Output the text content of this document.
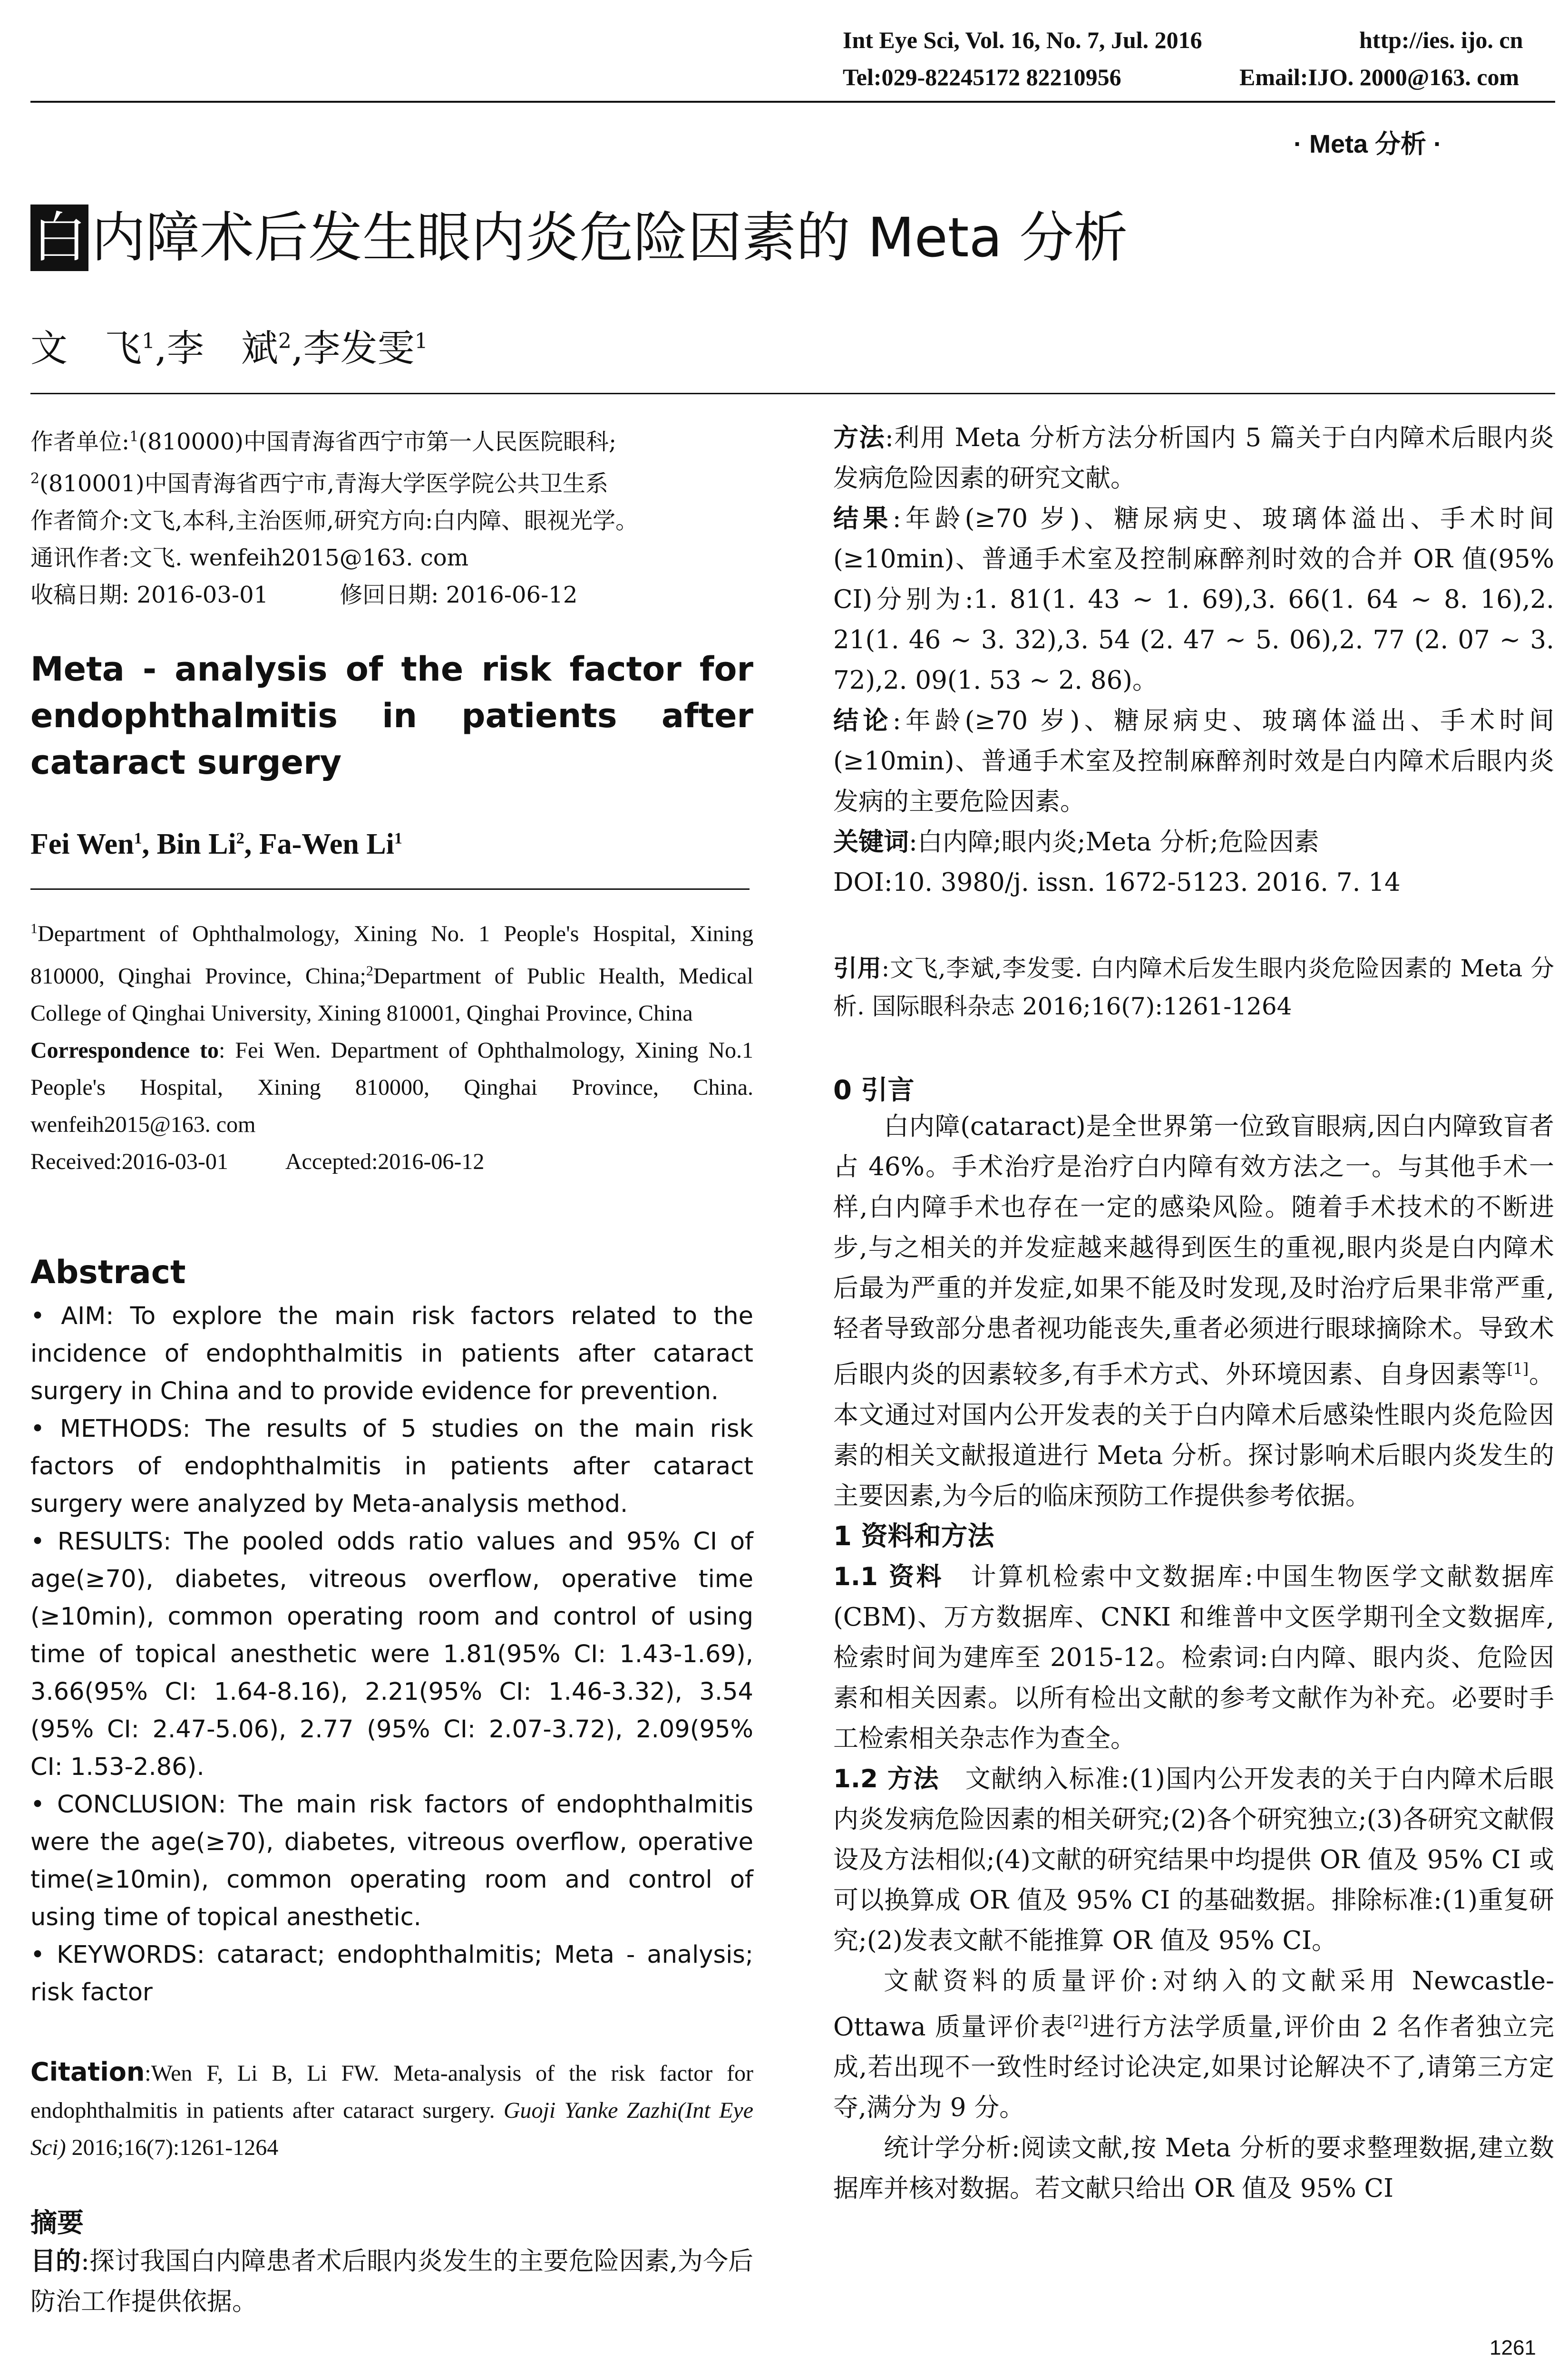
Int Eye Sci, Vol. 16, No. 7, Jul. 2016	http://ies. ijo. cn
Tel:029-82245172 82210956	Email:IJO. 2000@163. com
· Meta 分析 ·
白内障术后发生眼内炎危险因素的 Meta 分析
文　飞$^1$,李　斌$^2$,李发雯$^1$

作者单位:$^1$(810000)中国青海省西宁市第一人民医院眼科;

$^2$(810001)中国青海省西宁市,青海大学医学院公共卫生系

作者简介:文飞,本科,主治医师,研究方向:白内障、眼视光学。

通讯作者:文飞. wenfeih2015@163. com

收稿日期: 2016-03-01	修回日期: 2016-06-12

Meta - analysis of the risk factor for endophthalmitis in patients after cataract surgery
Fei Wen$^1$, Bin Li$^2$, Fa-Wen Li$^1$

$^1$Department of Ophthalmology, Xining No. 1 People's Hospital, Xining 810000, Qinghai Province, China;$^2$Department of Public Health, Medical College of Qinghai University, Xining 810001, Qinghai Province, China

Correspondence to: Fei Wen. Department of Ophthalmology, Xining No.1 People's Hospital, Xining 810000, Qinghai Province, China. wenfeih2015@163. com

Received:2016-03-01	Accepted:2016-06-12

Abstract

• AIM: To explore the main risk factors related to the incidence of endophthalmitis in patients after cataract surgery in China and to provide evidence for prevention.

• METHODS: The results of 5 studies on the main risk factors of endophthalmitis in patients after cataract surgery were analyzed by Meta-analysis method.

• RESULTS: The pooled odds ratio values and 95% CI of age(≥70), diabetes, vitreous overflow, operative time (≥10min), common operating room and control of using time of topical anesthetic were 1.81(95% CI: 1.43-1.69), 3.66(95% CI: 1.64-8.16), 2.21(95% CI: 1.46-3.32), 3.54 (95% CI: 2.47-5.06), 2.77 (95% CI: 2.07-3.72), 2.09(95% CI: 1.53-2.86).

• CONCLUSION: The main risk factors of endophthalmitis were the age(≥70), diabetes, vitreous overflow, operative time(≥10min), common operating room and control of using time of topical anesthetic.

• KEYWORDS: cataract; endophthalmitis; Meta - analysis; risk factor

Citation:Wen F, Li B, Li FW. Meta-analysis of the risk factor for endophthalmitis in patients after cataract surgery. Guoji Yanke Zazhi(Int Eye Sci) 2016;16(7):1261-1264
摘要

目的:探讨我国白内障患者术后眼内炎发生的主要危险因素,为今后防治工作提供依据。

方法:利用 Meta 分析方法分析国内 5 篇关于白内障术后眼内炎发病危险因素的研究文献。

结果:年龄(≥70 岁)、糖尿病史、玻璃体溢出、手术时间(≥10min)、普通手术室及控制麻醉剂时效的合并 OR 值(95% CI)分别为:1. 81(1. 43 ~ 1. 69),3. 66(1. 64 ~ 8. 16),2. 21(1. 46 ~ 3. 32),3. 54 (2. 47 ~ 5. 06),2. 77 (2. 07 ~ 3. 72),2. 09(1. 53 ~ 2. 86)。

结论:年龄(≥70 岁)、糖尿病史、玻璃体溢出、手术时间(≥10min)、普通手术室及控制麻醉剂时效是白内障术后眼内炎发病的主要危险因素。

关键词:白内障;眼内炎;Meta 分析;危险因素

DOI:10. 3980/j. issn. 1672-5123. 2016. 7. 14

引用:文飞,李斌,李发雯. 白内障术后发生眼内炎危险因素的 Meta 分析. 国际眼科杂志 2016;16(7):1261-1264

0 引言

白内障(cataract)是全世界第一位致盲眼病,因白内障致盲者占 46%。手术治疗是治疗白内障有效方法之一。与其他手术一样,白内障手术也存在一定的感染风险。随着手术技术的不断进步,与之相关的并发症越来越得到医生的重视,眼内炎是白内障术后最为严重的并发症,如果不能及时发现,及时治疗后果非常严重,轻者导致部分患者视功能丧失,重者必须进行眼球摘除术。导致术后眼内炎的因素较多,有手术方式、外环境因素、自身因素等[1]。本文通过对国内公开发表的关于白内障术后感染性眼内炎危险因素的相关文献报道进行 Meta 分析。探讨影响术后眼内炎发生的主要因素,为今后的临床预防工作提供参考依据。

1 资料和方法

1.1 资料　 计算机检索中文数据库:中国生物医学文献数据库(CBM)、万方数据库、CNKI 和维普中文医学期刊全文数据库,检索时间为建库至 2015-12。检索词:白内障、眼内炎、危险因素和相关因素。以所有检出文献的参考文献作为补充。必要时手工检索相关杂志作为查全。

1.2 方法　 文献纳入标准:(1)国内公开发表的关于白内障术后眼内炎发病危险因素的相关研究;(2)各个研究独立;(3)各研究文献假设及方法相似;(4)文献的研究结果中均提供 OR 值及 95% CI 或可以换算成 OR 值及 95% CI 的基础数据。排除标准:(1)重复研究;(2)发表文献不能推算 OR 值及 95% CI。

文献资料的质量评价:对纳入的文献采用 Newcastle-Ottawa 质量评价表[2]进行方法学质量,评价由 2 名作者独立完成,若出现不一致性时经讨论决定,如果讨论解决不了,请第三方定夺,满分为 9 分。

统计学分析:阅读文献,按 Meta 分析的要求整理数据,建立数据库并核对数据。若文献只给出 OR 值及 95% CI

1261
